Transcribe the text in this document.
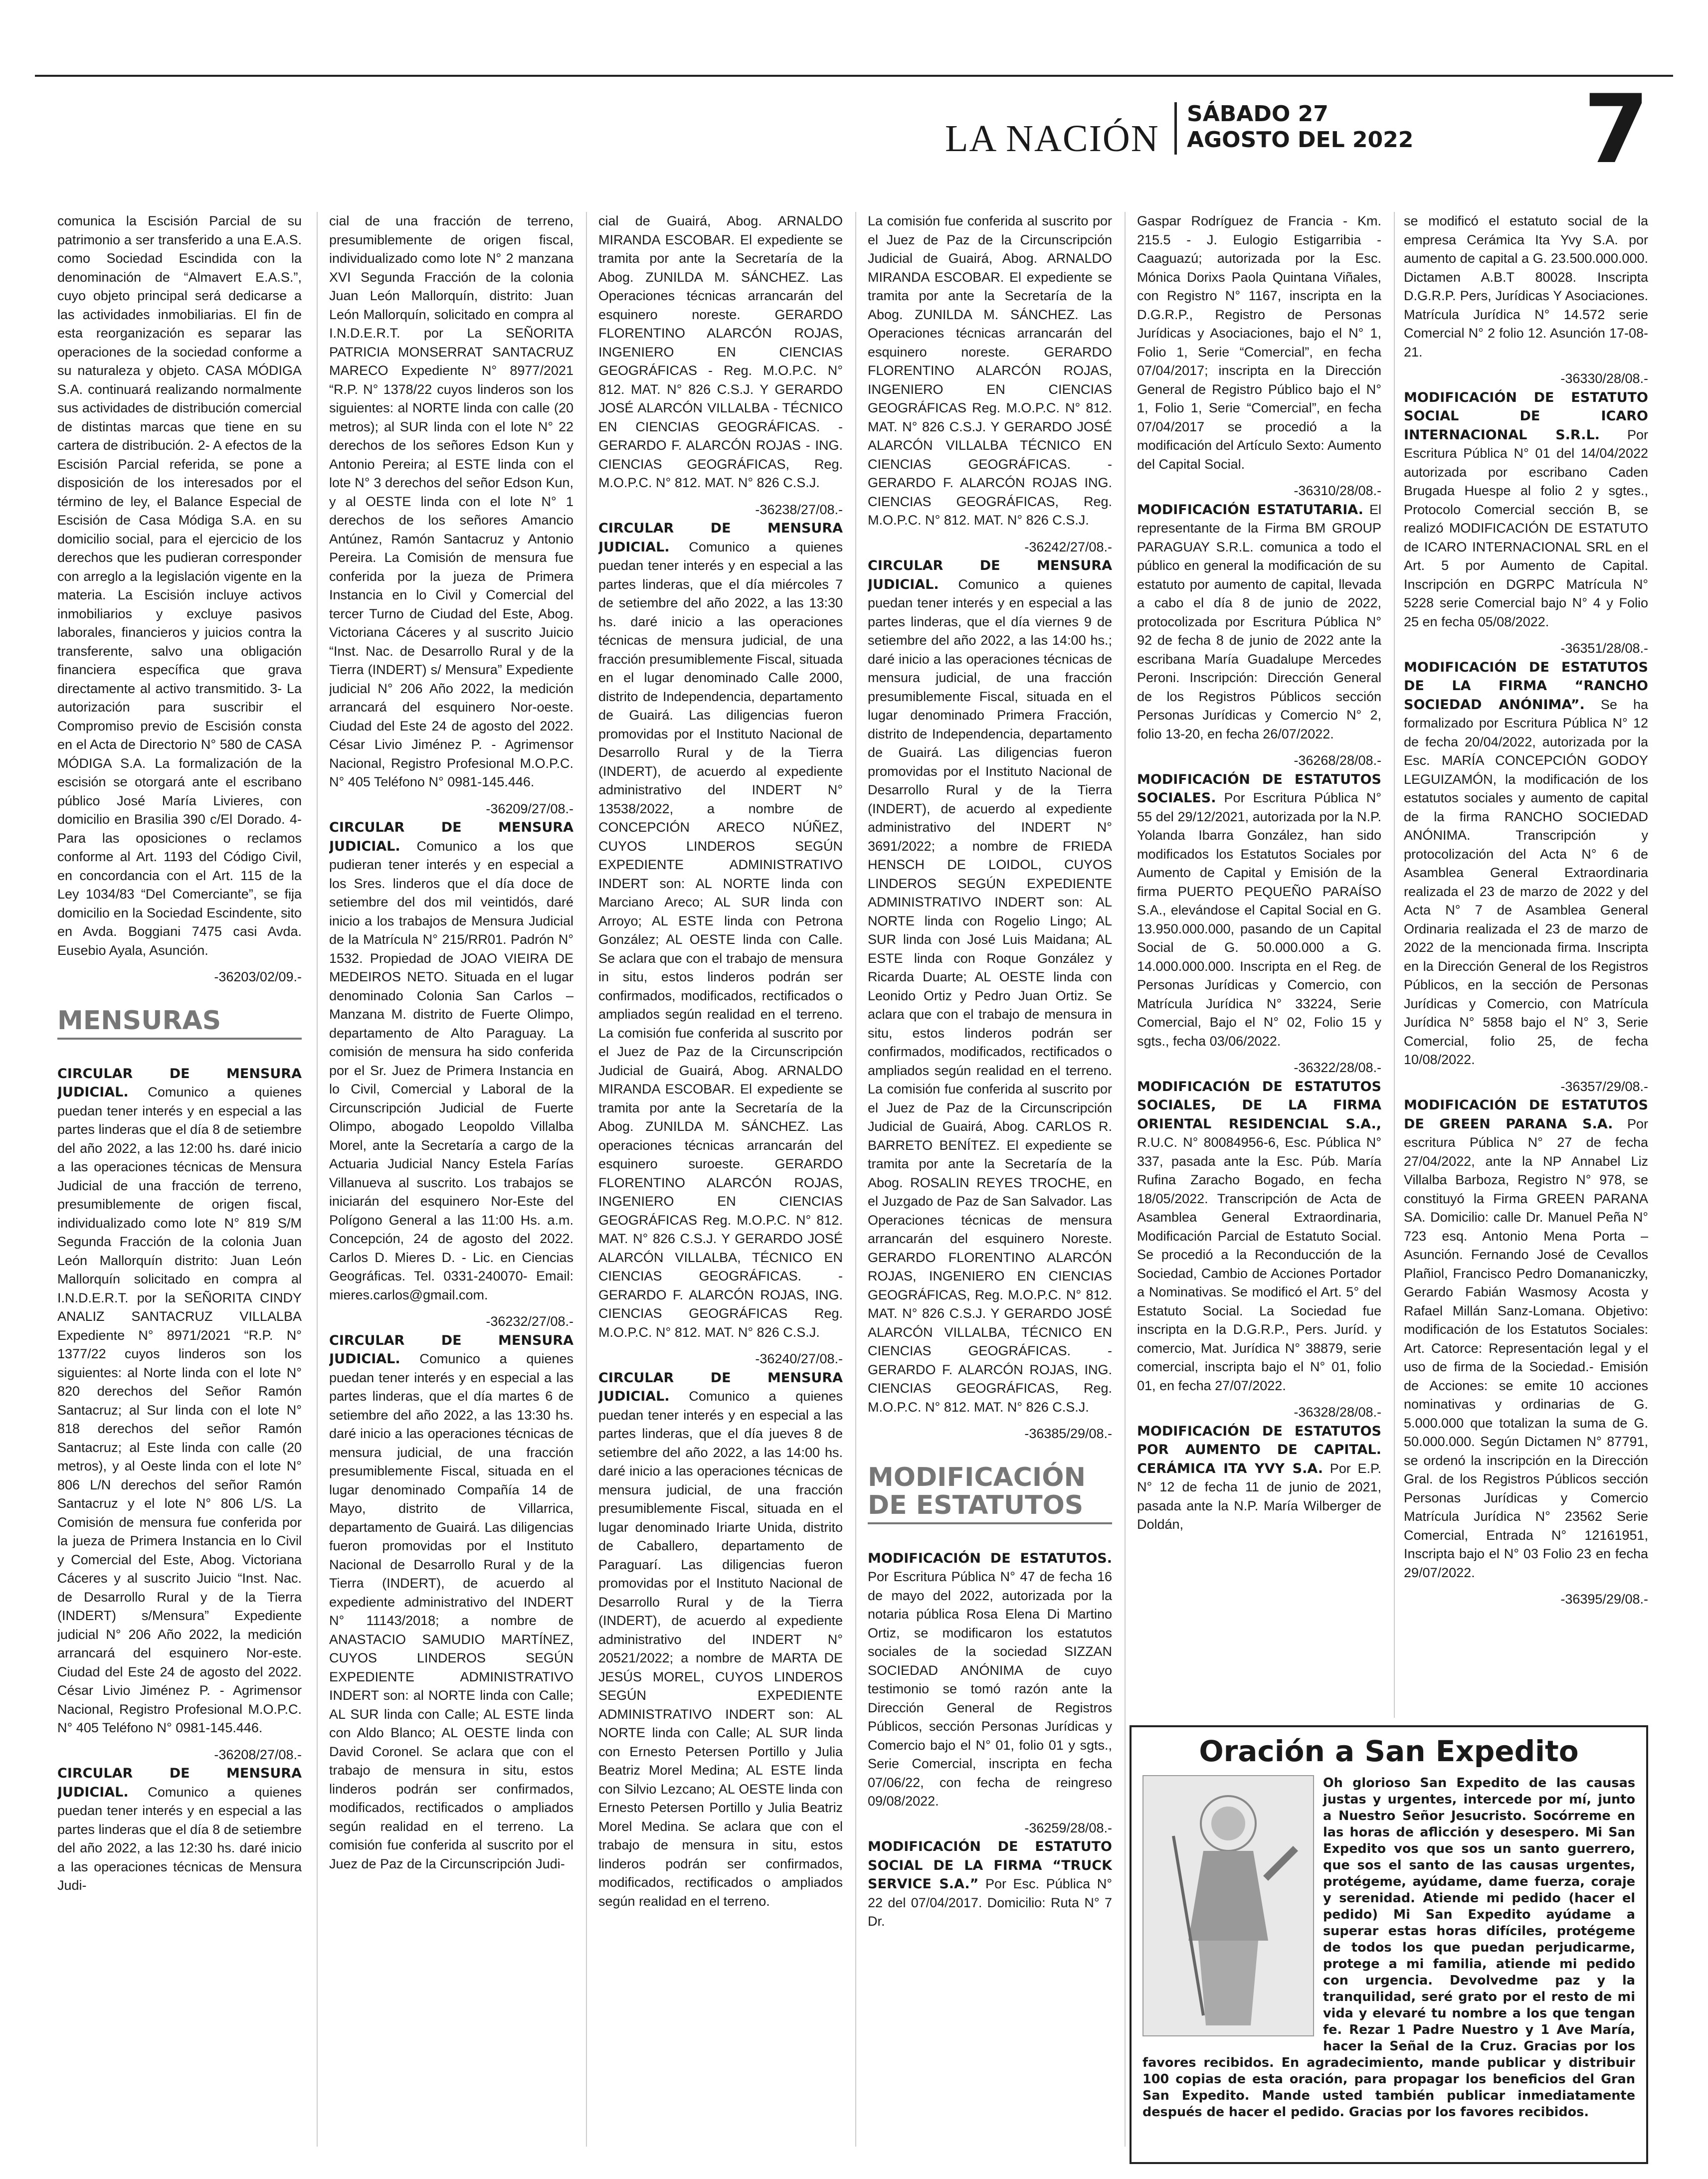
LA NACIÓN
SÁBADO 27
AGOSTO DEL 2022 7

comunica la Escisión Parcial de su patrimonio a ser transferido a una E.A.S. como Sociedad Escindida con la denominación de “Almavert E.A.S.”, cuyo objeto principal será dedicarse a las actividades inmobiliarias. El fin de esta reorganización es separar las operaciones de la sociedad conforme a su naturaleza y objeto. CASA MÓDIGA S.A. continuará realizando normalmente sus actividades de distribución comercial de distintas marcas que tiene en su cartera de distribución. 2- A efectos de la Escisión Parcial referida, se pone a disposición de los interesados por el término de ley, el Balance Especial de Escisión de Casa Módiga S.A. en su domicilio social, para el ejercicio de los derechos que les pudieran corresponder con arreglo a la legislación vigente en la materia. La Escisión incluye activos inmobiliarios y excluye pasivos laborales, financieros y juicios contra la transferente, salvo una obligación financiera específica que grava directamente al activo transmitido. 3- La autorización para suscribir el Compromiso previo de Escisión consta en el Acta de Directorio N° 580 de CASA MÓDIGA S.A. La formalización de la escisión se otorgará ante el escribano público José María Livieres, con domicilio en Brasilia 390 c/El Dorado. 4- Para las oposiciones o reclamos conforme al Art. 1193 del Código Civil, en concordancia con el Art. 115 de la Ley 1034/83 “Del Comerciante”, se fija domicilio en la Sociedad Escindente, sito en Avda. Boggiani 7475 casi Avda. Eusebio Ayala, Asunción.

-36203/02/09.-
MENSURAS

CIRCULAR DE MENSURA JUDICIAL. Comunico a quienes puedan tener interés y en especial a las partes linderas que el día 8 de setiembre del año 2022, a las 12:00 hs. daré inicio a las operaciones técnicas de Mensura Judicial de una fracción de terreno, presumiblemente de origen fiscal, individualizado como lote N° 819 S/M Segunda Fracción de la colonia Juan León Mallorquín distrito: Juan León Mallorquín solicitado en compra al I.N.D.E.R.T. por la SEÑORITA CINDY ANALIZ SANTACRUZ VILLALBA Expediente N° 8971/2021 “R.P. N° 1377/22 cuyos linderos son los siguientes: al Norte linda con el lote N° 820 derechos del Señor Ramón Santacruz; al Sur linda con el lote N° 818 derechos del señor Ramón Santacruz; al Este linda con calle (20 metros), y al Oeste linda con el lote N° 806 L/N derechos del señor Ramón Santacruz y el lote N° 806 L/S. La Comisión de mensura fue conferida por la jueza de Primera Instancia en lo Civil y Comercial del Este, Abog. Victoriana Cáceres y al suscrito Juicio “Inst. Nac. de Desarrollo Rural y de la Tierra (INDERT) s/Mensura” Expediente judicial N° 206 Año 2022, la medición arrancará del esquinero Nor-este. Ciudad del Este 24 de agosto del 2022. César Livio Jiménez P. - Agrimensor Nacional, Registro Profesional M.O.P.C. N° 405 Teléfono N° 0981-145.446.

-36208/27/08.-

CIRCULAR DE MENSURA JUDICIAL. Comunico a quienes puedan tener interés y en especial a las partes linderas que el día 8 de setiembre del año 2022, a las 12:30 hs. daré inicio a las operaciones técnicas de Mensura Judi-

cial de una fracción de terreno, presumiblemente de origen fiscal, individualizado como lote N° 2 manzana XVI Segunda Fracción de la colonia Juan León Mallorquín, distrito: Juan León Mallorquín, solicitado en compra al I.N.D.E.R.T. por La SEÑORITA PATRICIA MONSERRAT SANTACRUZ MARECO Expediente N° 8977/2021 “R.P. N° 1378/22 cuyos linderos son los siguientes: al NORTE linda con calle (20 metros); al SUR linda con el lote N° 22 derechos de los señores Edson Kun y Antonio Pereira; al ESTE linda con el lote N° 3 derechos del señor Edson Kun, y al OESTE linda con el lote N° 1 derechos de los señores Amancio Antúnez, Ramón Santacruz y Antonio Pereira. La Comisión de mensura fue conferida por la jueza de Primera Instancia en lo Civil y Comercial del tercer Turno de Ciudad del Este, Abog. Victoriana Cáceres y al suscrito Juicio “Inst. Nac. de Desarrollo Rural y de la Tierra (INDERT) s/ Mensura” Expediente judicial N° 206 Año 2022, la medición arrancará del esquinero Nor-oeste. Ciudad del Este 24 de agosto del 2022. César Livio Jiménez P. - Agrimensor Nacional, Registro Profesional M.O.P.C. N° 405 Teléfono N° 0981-145.446.

-36209/27/08.-

CIRCULAR DE MENSURA JUDICIAL. Comunico a los que pudieran tener interés y en especial a los Sres. linderos que el día doce de setiembre del dos mil veintidós, daré inicio a los trabajos de Mensura Judicial de la Matrícula N° 215/RR01. Padrón N° 1532. Propiedad de JOAO VIEIRA DE MEDEIROS NETO. Situada en el lugar denominado Colonia San Carlos – Manzana M. distrito de Fuerte Olimpo, departamento de Alto Paraguay. La comisión de mensura ha sido conferida por el Sr. Juez de Primera Instancia en lo Civil, Comercial y Laboral de la Circunscripción Judicial de Fuerte Olimpo, abogado Leopoldo Villalba Morel, ante la Secretaría a cargo de la Actuaria Judicial Nancy Estela Farías Villanueva al suscrito. Los trabajos se iniciarán del esquinero Nor-Este del Polígono General a las 11:00 Hs. a.m. Concepción, 24 de agosto del 2022. Carlos D. Mieres D. - Lic. en Ciencias Geográficas. Tel. 0331-240070- Email: mieres.carlos@gmail.com.

-36232/27/08.-

CIRCULAR DE MENSURA JUDICIAL. Comunico a quienes puedan tener interés y en especial a las partes linderas, que el día martes 6 de setiembre del año 2022, a las 13:30 hs. daré inicio a las operaciones técnicas de mensura judicial, de una fracción presumiblemente Fiscal, situada en el lugar denominado Compañía 14 de Mayo, distrito de Villarrica, departamento de Guairá. Las diligencias fueron promovidas por el Instituto Nacional de Desarrollo Rural y de la Tierra (INDERT), de acuerdo al expediente administrativo del INDERT N° 11143/2018; a nombre de ANASTACIO SAMUDIO MARTÍNEZ, CUYOS LINDEROS SEGÚN EXPEDIENTE ADMINISTRATIVO INDERT son: al NORTE linda con Calle; AL SUR linda con Calle; AL ESTE linda con Aldo Blanco; AL OESTE linda con David Coronel. Se aclara que con el trabajo de mensura in situ, estos linderos podrán ser confirmados, modificados, rectificados o ampliados según realidad en el terreno. La comisión fue conferida al suscrito por el Juez de Paz de la Circunscripción Judi-

cial de Guairá, Abog. ARNALDO MIRANDA ESCOBAR. El expediente se tramita por ante la Secretaría de la Abog. ZUNILDA M. SÁNCHEZ. Las Operaciones técnicas arrancarán del esquinero noreste. GERARDO FLORENTINO ALARCÓN ROJAS, INGENIERO EN CIENCIAS GEOGRÁFICAS - Reg. M.O.P.C. N° 812. MAT. N° 826 C.S.J. Y GERARDO JOSÉ ALARCÓN VILLALBA - TÉCNICO EN CIENCIAS GEOGRÁFICAS. - GERARDO F. ALARCÓN ROJAS - ING. CIENCIAS GEOGRÁFICAS, Reg. M.O.P.C. N° 812. MAT. N° 826 C.S.J.

-36238/27/08.-

CIRCULAR DE MENSURA JUDICIAL. Comunico a quienes puedan tener interés y en especial a las partes linderas, que el día miércoles 7 de setiembre del año 2022, a las 13:30 hs. daré inicio a las operaciones técnicas de mensura judicial, de una fracción presumiblemente Fiscal, situada en el lugar denominado Calle 2000, distrito de Independencia, departamento de Guairá. Las diligencias fueron promovidas por el Instituto Nacional de Desarrollo Rural y de la Tierra (INDERT), de acuerdo al expediente administrativo del INDERT N° 13538/2022, a nombre de CONCEPCIÓN ARECO NÚÑEZ, CUYOS LINDEROS SEGÚN EXPEDIENTE ADMINISTRATIVO INDERT son: AL NORTE linda con Marciano Areco; AL SUR linda con Arroyo; AL ESTE linda con Petrona González; AL OESTE linda con Calle. Se aclara que con el trabajo de mensura in situ, estos linderos podrán ser confirmados, modificados, rectificados o ampliados según realidad en el terreno. La comisión fue conferida al suscrito por el Juez de Paz de la Circunscripción Judicial de Guairá, Abog. ARNALDO MIRANDA ESCOBAR. El expediente se tramita por ante la Secretaría de la Abog. ZUNILDA M. SÁNCHEZ. Las operaciones técnicas arrancarán del esquinero suroeste. GERARDO FLORENTINO ALARCÓN ROJAS, INGENIERO EN CIENCIAS GEOGRÁFICAS Reg. M.O.P.C. N° 812. MAT. N° 826 C.S.J. Y GERARDO JOSÉ ALARCÓN VILLALBA, TÉCNICO EN CIENCIAS GEOGRÁFICAS. - GERARDO F. ALARCÓN ROJAS, ING. CIENCIAS GEOGRÁFICAS Reg. M.O.P.C. N° 812. MAT. N° 826 C.S.J.

-36240/27/08.-

CIRCULAR DE MENSURA JUDICIAL. Comunico a quienes puedan tener interés y en especial a las partes linderas, que el día jueves 8 de setiembre del año 2022, a las 14:00 hs. daré inicio a las operaciones técnicas de mensura judicial, de una fracción presumiblemente Fiscal, situada en el lugar denominado Iriarte Unida, distrito de Caballero, departamento de Paraguarí. Las diligencias fueron promovidas por el Instituto Nacional de Desarrollo Rural y de la Tierra (INDERT), de acuerdo al expediente administrativo del INDERT N° 20521/2022; a nombre de MARTA DE JESÚS MOREL, CUYOS LINDEROS SEGÚN EXPEDIENTE ADMINISTRATIVO INDERT son: AL NORTE linda con Calle; AL SUR linda con Ernesto Petersen Portillo y Julia Beatriz Morel Medina; AL ESTE linda con Silvio Lezcano; AL OESTE linda con Ernesto Petersen Portillo y Julia Beatriz Morel Medina. Se aclara que con el trabajo de mensura in situ, estos linderos podrán ser confirmados, modificados, rectificados o ampliados según realidad en el terreno.

La comisión fue conferida al suscrito por el Juez de Paz de la Circunscripción Judicial de Guairá, Abog. ARNALDO MIRANDA ESCOBAR. El expediente se tramita por ante la Secretaría de la Abog. ZUNILDA M. SÁNCHEZ. Las Operaciones técnicas arrancarán del esquinero noreste. GERARDO FLORENTINO ALARCÓN ROJAS, INGENIERO EN CIENCIAS GEOGRÁFICAS Reg. M.O.P.C. N° 812. MAT. N° 826 C.S.J. Y GERARDO JOSÉ ALARCÓN VILLALBA TÉCNICO EN CIENCIAS GEOGRÁFICAS. - GERARDO F. ALARCÓN ROJAS ING. CIENCIAS GEOGRÁFICAS, Reg. M.O.P.C. N° 812. MAT. N° 826 C.S.J.

-36242/27/08.-

CIRCULAR DE MENSURA JUDICIAL. Comunico a quienes puedan tener interés y en especial a las partes linderas, que el día viernes 9 de setiembre del año 2022, a las 14:00 hs.; daré inicio a las operaciones técnicas de mensura judicial, de una fracción presumiblemente Fiscal, situada en el lugar denominado Primera Fracción, distrito de Independencia, departamento de Guairá. Las diligencias fueron promovidas por el Instituto Nacional de Desarrollo Rural y de la Tierra (INDERT), de acuerdo al expediente administrativo del INDERT N° 3691/2022; a nombre de FRIEDA HENSCH DE LOIDOL, CUYOS LINDEROS SEGÚN EXPEDIENTE ADMINISTRATIVO INDERT son: AL NORTE linda con Rogelio Lingo; AL SUR linda con José Luis Maidana; AL ESTE linda con Roque González y Ricarda Duarte; AL OESTE linda con Leonido Ortiz y Pedro Juan Ortiz. Se aclara que con el trabajo de mensura in situ, estos linderos podrán ser confirmados, modificados, rectificados o ampliados según realidad en el terreno. La comisión fue conferida al suscrito por el Juez de Paz de la Circunscripción Judicial de Guairá, Abog. CARLOS R. BARRETO BENÍTEZ. El expediente se tramita por ante la Secretaría de la Abog. ROSALIN REYES TROCHE, en el Juzgado de Paz de San Salvador. Las Operaciones técnicas de mensura arrancarán del esquinero Noreste. GERARDO FLORENTINO ALARCÓN ROJAS, INGENIERO EN CIENCIAS GEOGRÁFICAS, Reg. M.O.P.C. N° 812. MAT. N° 826 C.S.J. Y GERARDO JOSÉ ALARCÓN VILLALBA, TÉCNICO EN CIENCIAS GEOGRÁFICAS. - GERARDO F. ALARCÓN ROJAS, ING. CIENCIAS GEOGRÁFICAS, Reg. M.O.P.C. N° 812. MAT. N° 826 C.S.J.

-36385/29/08.-
MODIFICACIÓN DE ESTATUTOS

MODIFICACIÓN DE ESTATUTOS. Por Escritura Pública N° 47 de fecha 16 de mayo del 2022, autorizada por la notaria pública Rosa Elena Di Martino Ortiz, se modificaron los estatutos sociales de la sociedad SIZZAN SOCIEDAD ANÓNIMA de cuyo testimonio se tomó razón ante la Dirección General de Registros Públicos, sección Personas Jurídicas y Comercio bajo el N° 01, folio 01 y sgts., Serie Comercial, inscripta en fecha 07/06/22, con fecha de reingreso 09/08/2022.

-36259/28/08.-

MODIFICACIÓN DE ESTATUTO SOCIAL DE LA FIRMA “TRUCK SERVICE S.A.” Por Esc. Pública N° 22 del 07/04/2017. Domicilio: Ruta N° 7 Dr.

Gaspar Rodríguez de Francia - Km. 215.5 - J. Eulogio Estigarribia - Caaguazú; autorizada por la Esc. Mónica Dorixs Paola Quintana Viñales, con Registro N° 1167, inscripta en la D.G.R.P., Registro de Personas Jurídicas y Asociaciones, bajo el N° 1, Folio 1, Serie “Comercial”, en fecha 07/04/2017; inscripta en la Dirección General de Registro Público bajo el N° 1, Folio 1, Serie “Comercial”, en fecha 07/04/2017 se procedió a la modificación del Artículo Sexto: Aumento del Capital Social.

-36310/28/08.-

MODIFICACIÓN ESTATUTARIA. El representante de la Firma BM GROUP PARAGUAY S.R.L. comunica a todo el público en general la modificación de su estatuto por aumento de capital, llevada a cabo el día 8 de junio de 2022, protocolizada por Escritura Pública N° 92 de fecha 8 de junio de 2022 ante la escribana María Guadalupe Mercedes Peroni. Inscripción: Dirección General de los Registros Públicos sección Personas Jurídicas y Comercio N° 2, folio 13-20, en fecha 26/07/2022.

-36268/28/08.-

MODIFICACIÓN DE ESTATUTOS SOCIALES. Por Escritura Pública N° 55 del 29/12/2021, autorizada por la N.P. Yolanda Ibarra González, han sido modificados los Estatutos Sociales por Aumento de Capital y Emisión de la firma PUERTO PEQUEÑO PARAÍSO S.A., elevándose el Capital Social en G. 13.950.000.000, pasando de un Capital Social de G. 50.000.000 a G. 14.000.000.000. Inscripta en el Reg. de Personas Jurídicas y Comercio, con Matrícula Jurídica N° 33224, Serie Comercial, Bajo el N° 02, Folio 15 y sgts., fecha 03/06/2022.

-36322/28/08.-

MODIFICACIÓN DE ESTATUTOS SOCIALES, DE LA FIRMA ORIENTAL RESIDENCIAL S.A., R.U.C. N° 80084956-6, Esc. Pública N° 337, pasada ante la Esc. Púb. María Rufina Zaracho Bogado, en fecha 18/05/2022. Transcripción de Acta de Asamblea General Extraordinaria, Modificación Parcial de Estatuto Social. Se procedió a la Reconducción de la Sociedad, Cambio de Acciones Portador a Nominativas. Se modificó el Art. 5° del Estatuto Social. La Sociedad fue inscripta en la D.G.R.P., Pers. Juríd. y comercio, Mat. Jurídica N° 38879, serie comercial, inscripta bajo el N° 01, folio 01, en fecha 27/07/2022.

-36328/28/08.-

MODIFICACIÓN DE ESTATUTOS POR AUMENTO DE CAPITAL. CERÁMICA ITA YVY S.A. Por E.P. N° 12 de fecha 11 de junio de 2021, pasada ante la N.P. María Wilberger de Doldán,

se modificó el estatuto social de la empresa Cerámica Ita Yvy S.A. por aumento de capital a G. 23.500.000.000. Dictamen A.B.T 80028. Inscripta D.G.R.P. Pers, Jurídicas Y Asociaciones. Matrícula Jurídica N° 14.572 serie Comercial N° 2 folio 12. Asunción 17-08-21.

-36330/28/08.-

MODIFICACIÓN DE ESTATUTO SOCIAL DE ICARO INTERNACIONAL S.R.L. Por Escritura Pública N° 01 del 14/04/2022 autorizada por escribano Caden Brugada Huespe al folio 2 y sgtes., Protocolo Comercial sección B, se realizó MODIFICACIÓN DE ESTATUTO de ICARO INTERNACIONAL SRL en el Art. 5 por Aumento de Capital. Inscripción en DGRPC Matrícula N° 5228 serie Comercial bajo N° 4 y Folio 25 en fecha 05/08/2022.

-36351/28/08.-

MODIFICACIÓN DE ESTATUTOS DE LA FIRMA “RANCHO SOCIEDAD ANÓNIMA”. Se ha formalizado por Escritura Pública N° 12 de fecha 20/04/2022, autorizada por la Esc. MARÍA CONCEPCIÓN GODOY LEGUIZAMÓN, la modificación de los estatutos sociales y aumento de capital de la firma RANCHO SOCIEDAD ANÓNIMA. Transcripción y protocolización del Acta N° 6 de Asamblea General Extraordinaria realizada el 23 de marzo de 2022 y del Acta N° 7 de Asamblea General Ordinaria realizada el 23 de marzo de 2022 de la mencionada firma. Inscripta en la Dirección General de los Registros Públicos, en la sección de Personas Jurídicas y Comercio, con Matrícula Jurídica N° 5858 bajo el N° 3, Serie Comercial, folio 25, de fecha 10/08/2022.

-36357/29/08.-

MODIFICACIÓN DE ESTATUTOS DE GREEN PARANA S.A. Por escritura Pública N° 27 de fecha 27/04/2022, ante la NP Annabel Liz Villalba Barboza, Registro N° 978, se constituyó la Firma GREEN PARANA SA. Domicilio: calle Dr. Manuel Peña N° 723 esq. Antonio Mena Porta – Asunción. Fernando José de Cevallos Plañiol, Francisco Pedro Domananiczky, Gerardo Fabián Wasmosy Acosta y Rafael Millán Sanz-Lomana. Objetivo: modificación de los Estatutos Sociales: Art. Catorce: Representación legal y el uso de firma de la Sociedad.- Emisión de Acciones: se emite 10 acciones nominativas y ordinarias de G. 5.000.000 que totalizan la suma de G. 50.000.000. Según Dictamen N° 87791, se ordenó la inscripción en la Dirección Gral. de los Registros Públicos sección Personas Jurídicas y Comercio Matrícula Jurídica N° 23562 Serie Comercial, Entrada N° 12161951, Inscripta bajo el N° 03 Folio 23 en fecha 29/07/2022.

-36395/29/08.-
Oración a San Expedito
Oh glorioso San Expedito de las causas justas y urgentes, intercede por mí, junto a Nuestro Señor Jesucristo. Socórreme en las horas de aflicción y desespero. Mi San Expedito vos que sos un santo guerrero, que sos el santo de las causas urgentes, protégeme, ayúdame, dame fuerza, coraje y serenidad. Atiende mi pedido (hacer el pedido) Mi San Expedito ayúdame a superar estas horas difíciles, protégeme de todos los que puedan perjudicarme, protege a mi familia, atiende mi pedido con urgencia. Devolvedme paz y la tranquilidad, seré grato por el resto de mi vida y elevaré tu nombre a los que tengan fe. Rezar 1 Padre Nuestro y 1 Ave María, hacer la Señal de la Cruz. Gracias por los favores recibidos. En agradecimiento, mande publicar y distribuir 100 copias de esta oración, para propagar los beneficios del Gran San Expedito. Mande usted también publicar inmediatamente después de hacer el pedido. Gracias por los favores recibidos.
